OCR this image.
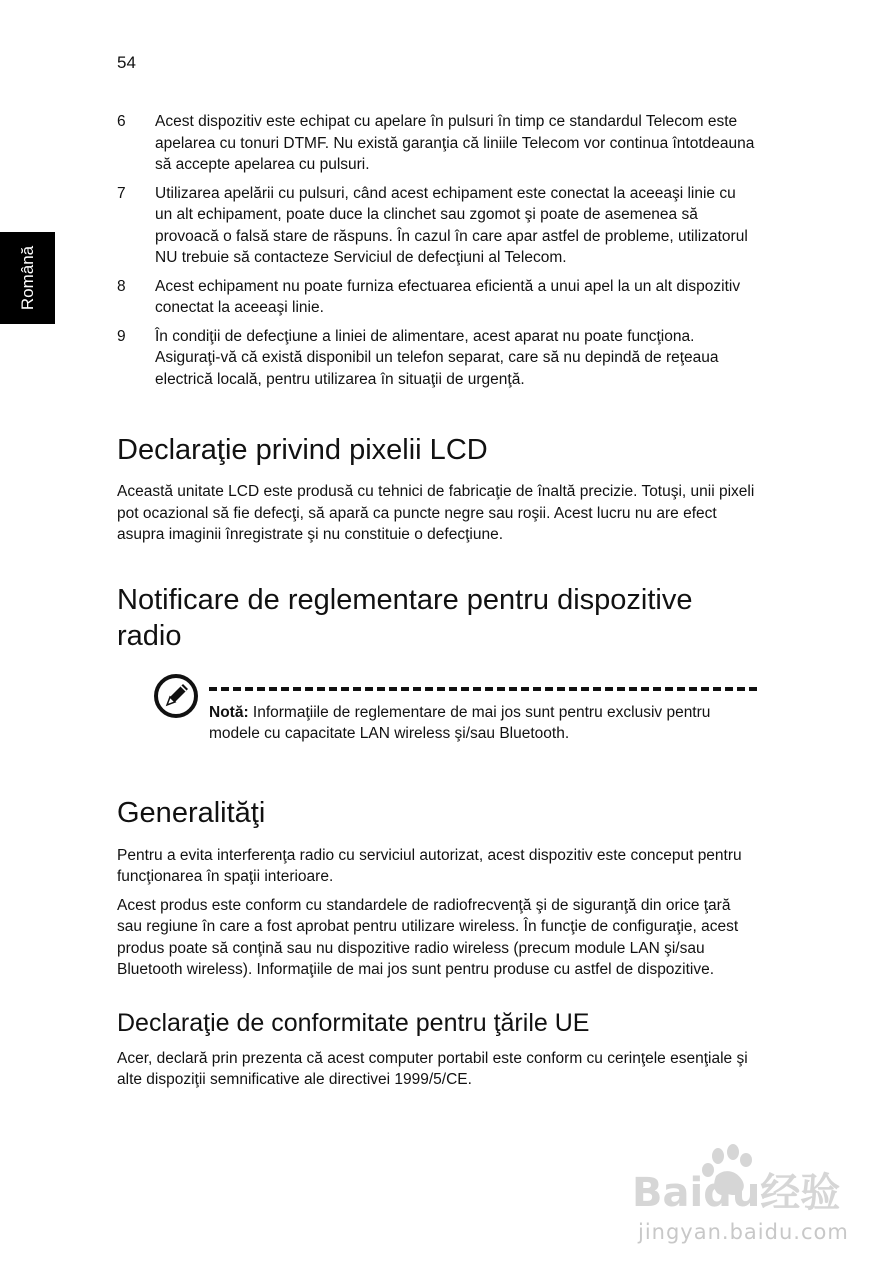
54
Română
6	Acest dispozitiv este echipat cu apelare în pulsuri în timp ce standardul Telecom este apelarea cu tonuri DTMF. Nu există garanţia că liniile Telecom vor continua întotdeauna să accepte apelarea cu pulsuri.
7	Utilizarea apelării cu pulsuri, când acest echipament este conectat la aceeaşi linie cu un alt echipament, poate duce la clinchet sau zgomot şi poate de asemenea să provoacă o falsă stare de răspuns. În cazul în care apar astfel de probleme, utilizatorul NU trebuie să contacteze Serviciul de defecţiuni al Telecom.
8	Acest echipament nu poate furniza efectuarea eficientă a unui apel la un alt dispozitiv conectat la aceeaşi linie.
9	În condiţii de defecţiune a liniei de alimentare, acest aparat nu poate funcţiona. Asiguraţi-vă că există disponibil un telefon separat, care să nu depindă de reţeaua electrică locală, pentru utilizarea în situaţii de urgenţă.
Declaraţie privind pixelii LCD

Această unitate LCD este produsă cu tehnici de fabricaţie de înaltă precizie. Totuşi, unii pixeli pot ocazional să fie defecţi, să apară ca puncte negre sau roşii. Acest lucru nu are efect asupra imaginii înregistrate şi nu constituie o defecţiune.

Notificare de reglementare pentru dispozitive radio
Notă: Informaţiile de reglementare de mai jos sunt pentru exclusiv pentru modele cu capacitate LAN wireless şi/sau Bluetooth.
Generalităţi

Pentru a evita interferenţa radio cu serviciul autorizat, acest dispozitiv este conceput pentru funcţionarea în spaţii interioare.

Acest produs este conform cu standardele de radiofrecvenţă şi de siguranţă din orice ţară sau regiune în care a fost aprobat pentru utilizare wireless. În funcţie de configuraţie, acest produs poate să conţină sau nu dispozitive radio wireless (precum module LAN şi/sau Bluetooth wireless). Informaţiile de mai jos sunt pentru produse cu astfel de dispozitive.

Declaraţie de conformitate pentru ţările UE

Acer, declară prin prezenta că acest computer portabil este conform cu cerinţele esenţiale şi alte dispoziţii semnificative ale directivei 1999/5/CE.

Baidu经验
jingyan.baidu.com
